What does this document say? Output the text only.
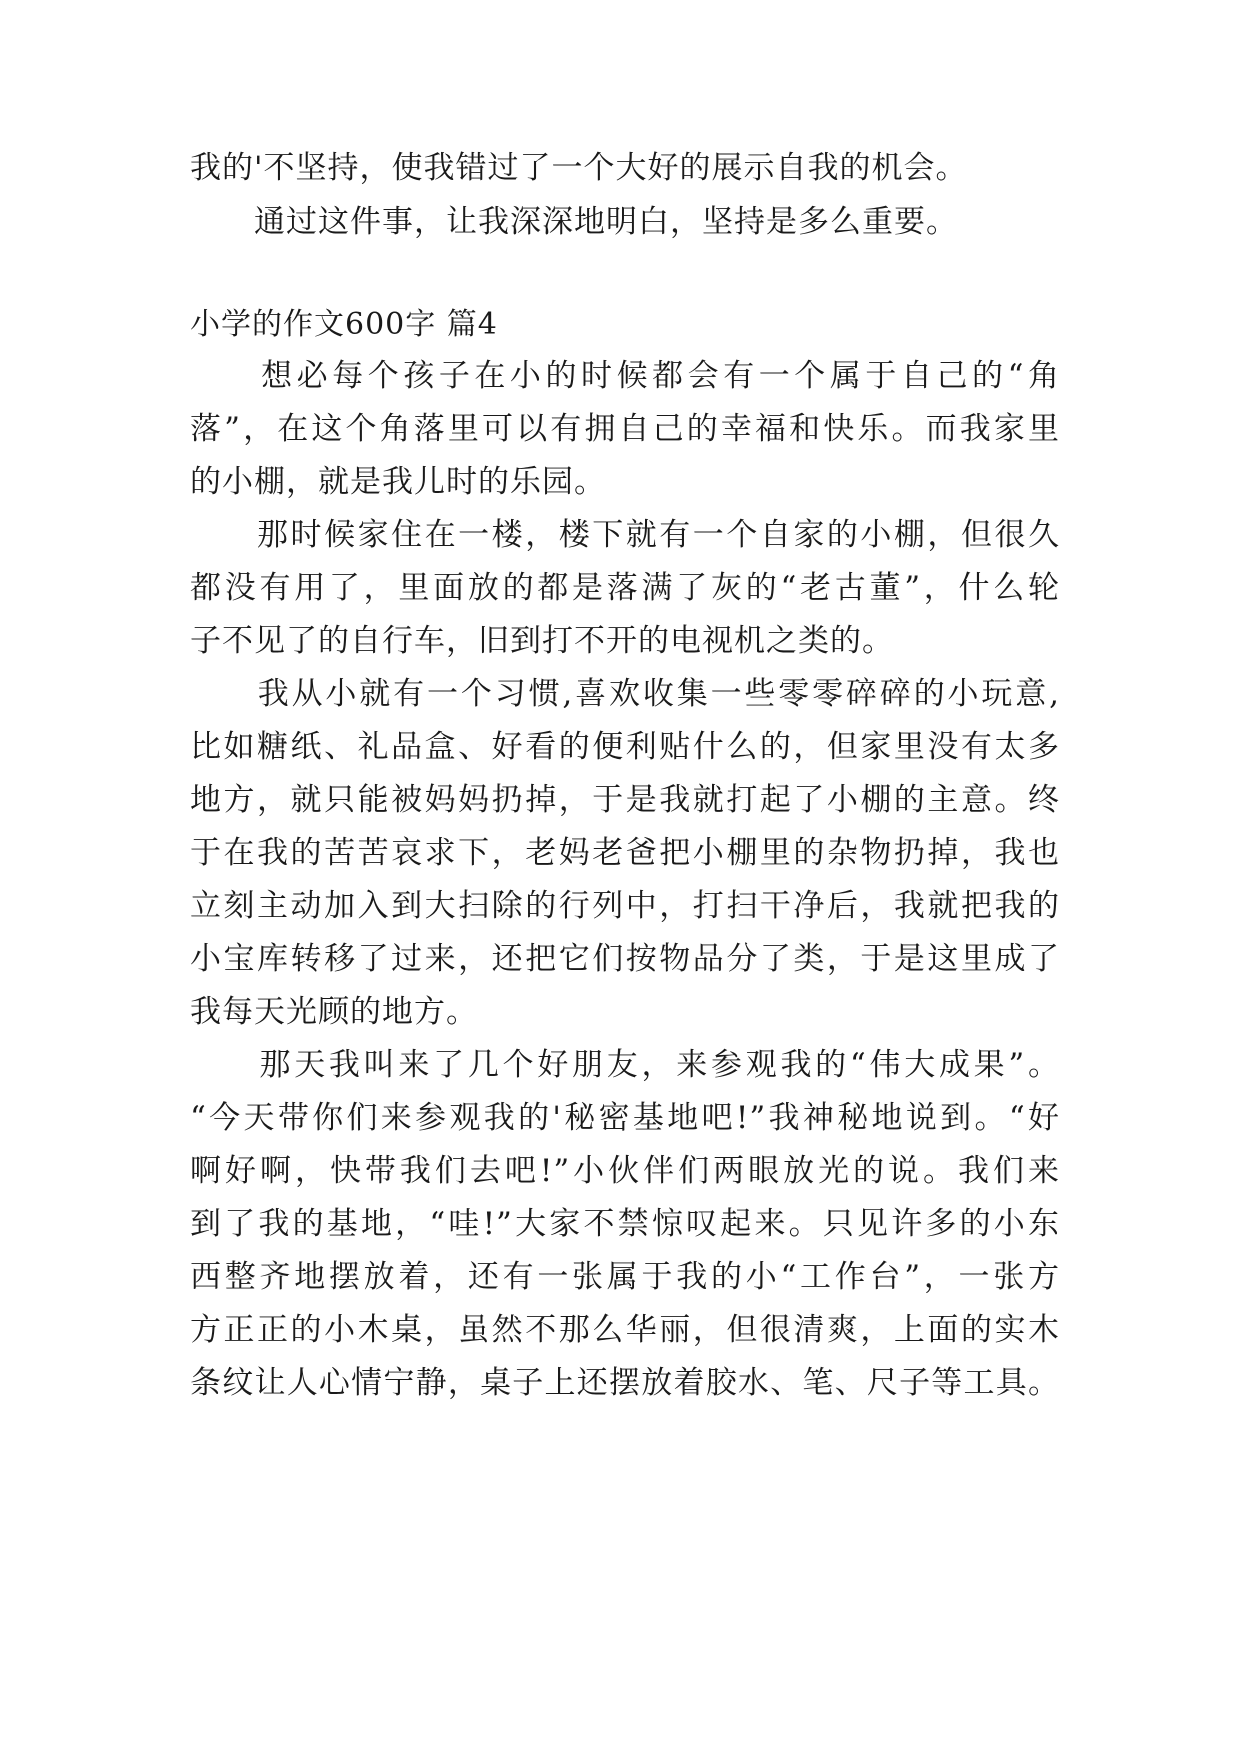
我的'不坚持，使我错过了一个大好的展示自我的机会。
　　通过这件事，让我深深地明白，坚持是多么重要。
小学的作文600字 篇4
　　想必每个孩子在小的时候都会有一个属于自己的“角
落”，在这个角落里可以有拥自己的幸福和快乐。而我家里
的小棚，就是我儿时的乐园。
　　那时候家住在一楼，楼下就有一个自家的小棚，但很久
都没有用了，里面放的都是落满了灰的“老古董”，什么轮
子不见了的自行车，旧到打不开的电视机之类的。
　　我从小就有一个习惯,喜欢收集一些零零碎碎的小玩意,
比如糖纸、礼品盒、好看的便利贴什么的，但家里没有太多
地方，就只能被妈妈扔掉，于是我就打起了小棚的主意。终
于在我的苦苦哀求下，老妈老爸把小棚里的杂物扔掉，我也
立刻主动加入到大扫除的行列中，打扫干净后，我就把我的
小宝库转移了过来，还把它们按物品分了类，于是这里成了
我每天光顾的地方。
　　那天我叫来了几个好朋友，来参观我的“伟大成果”。
“今天带你们来参观我的'秘密基地吧!”我神秘地说到。“好
啊好啊，快带我们去吧!”小伙伴们两眼放光的说。我们来
到了我的基地，“哇!”大家不禁惊叹起来。只见许多的小东
西整齐地摆放着，还有一张属于我的小“工作台”，一张方
方正正的小木桌，虽然不那么华丽，但很清爽，上面的实木
条纹让人心情宁静，桌子上还摆放着胶水、笔、尺子等工具。
